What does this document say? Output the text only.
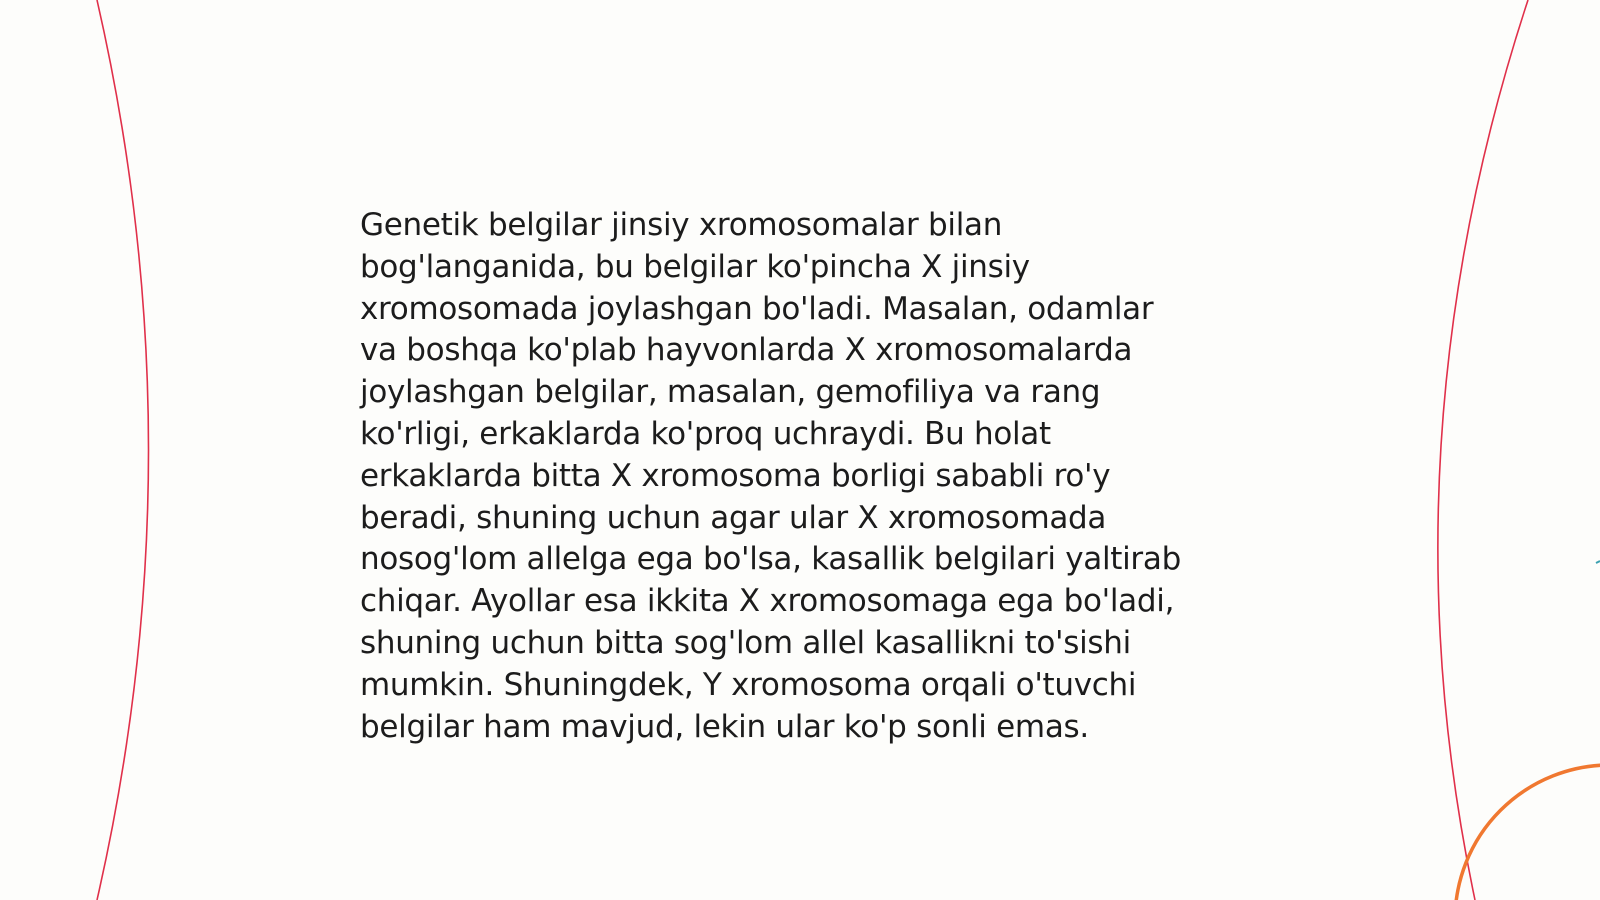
Genetik belgilar jinsiy xromosomalar bilan
bog'langanida, bu belgilar ko'pincha X jinsiy
xromosomada joylashgan bo'ladi. Masalan, odamlar
va boshqa ko'plab hayvonlarda X xromosomalarda
joylashgan belgilar, masalan, gemofiliya va rang
ko'rligi, erkaklarda ko'proq uchraydi. Bu holat
erkaklarda bitta X xromosoma borligi sababli ro'y
beradi, shuning uchun agar ular X xromosomada
nosog'lom allelga ega bo'lsa, kasallik belgilari yaltirab
chiqar. Ayollar esa ikkita X xromosomaga ega bo'ladi,
shuning uchun bitta sog'lom allel kasallikni to'sishi
mumkin. Shuningdek, Y xromosoma orqali o'tuvchi
belgilar ham mavjud, lekin ular ko'p sonli emas.
